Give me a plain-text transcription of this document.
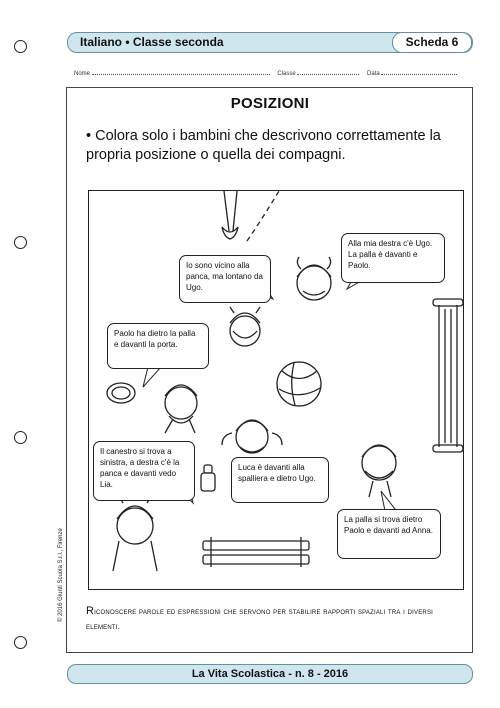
Italiano • Classe seconda	Scheda 6
Nome	Classe	Data
POSIZIONI
• Colora solo i bambini che descrivono correttamente la propria posizione o quella dei compagni.
Io sono vicino alla panca, ma lontano da Ugo.
Alla mia destra c'è Ugo. La palla è davanti e Paolo.
Paolo ha dietro la palla e davanti la porta.
Il canestro si trova a sinistra, a destra c'è la panca e davanti vedo Lia.
Luca è davanti alla spalliera e dietro Ugo.
La palla si trova dietro Paolo e davanti ad Anna.
Riconoscere parole ed espressioni che servono per stabilire rapporti spaziali tra i diversi elementi.
La Vita Scolastica - n. 8 - 2016
© 2016 Giunti Scuola S.r.l., Firenze
